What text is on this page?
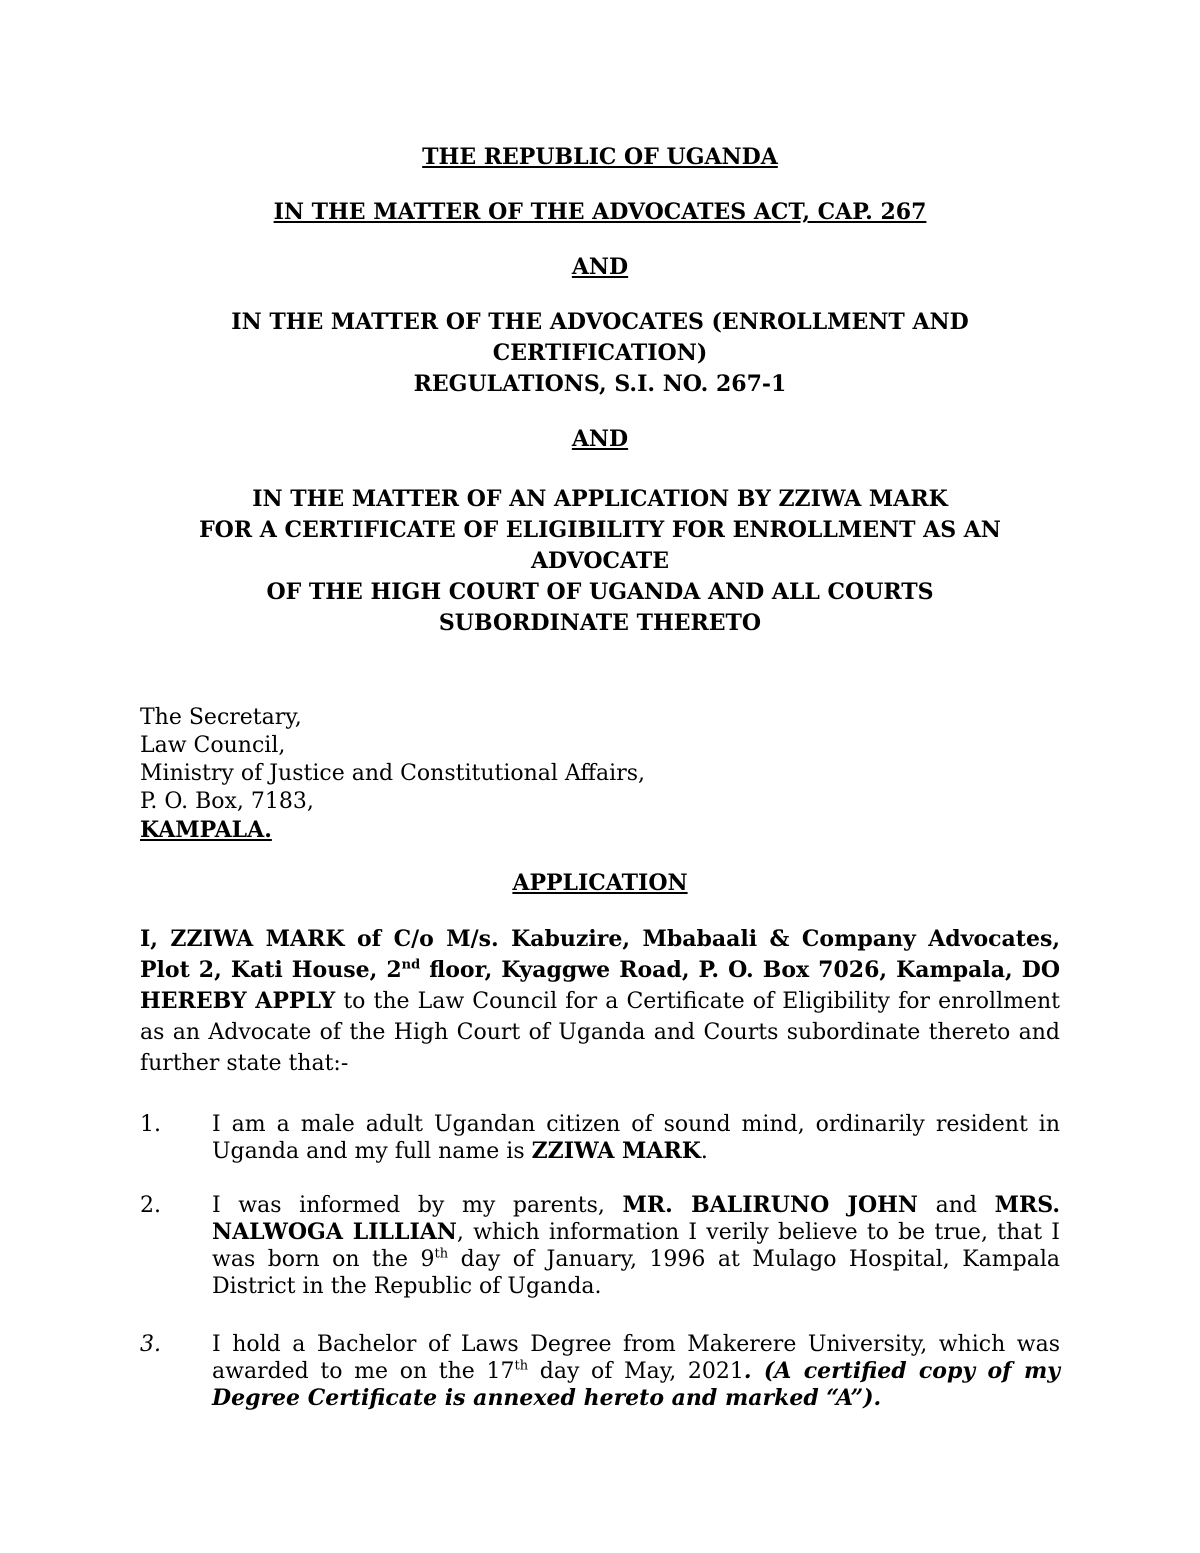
THE REPUBLIC OF UGANDA
IN THE MATTER OF THE ADVOCATES ACT, CAP. 267
AND
IN THE MATTER OF THE ADVOCATES (ENROLLMENT AND
CERTIFICATION)
REGULATIONS, S.I. NO. 267-1
AND
IN THE MATTER OF AN APPLICATION BY ZZIWA MARK
FOR A CERTIFICATE OF ELIGIBILITY FOR ENROLLMENT AS AN
ADVOCATE
OF THE HIGH COURT OF UGANDA AND ALL COURTS
SUBORDINATE THERETO
The Secretary,
Law Council,
Ministry of Justice and Constitutional Affairs,
P. O. Box, 7183,
KAMPALA.
APPLICATION
I, ZZIWA MARK of C/o M/s. Kabuzire, Mbabaali & Company Advocates, Plot 2, Kati House, 2nd floor, Kyaggwe Road, P. O. Box 7026, Kampala, DO HEREBY APPLY to the Law Council for a Certificate of Eligibility for enrollment as an Advocate of the High Court of Uganda and Courts subordinate thereto and further state that:-
1.	I am a male adult Ugandan citizen of sound mind, ordinarily resident in Uganda and my full name is ZZIWA MARK.
2.	I was informed by my parents, MR. BALIRUNO JOHN and MRS. NALWOGA LILLIAN, which information I verily believe to be true, that I was born on the 9th day of January, 1996 at Mulago Hospital, Kampala District in the Republic of Uganda.
3.	I hold a Bachelor of Laws Degree from Makerere University, which was awarded to me on the 17th day of May, 2021. (A certified copy of my Degree Certificate is annexed hereto and marked “A”).
